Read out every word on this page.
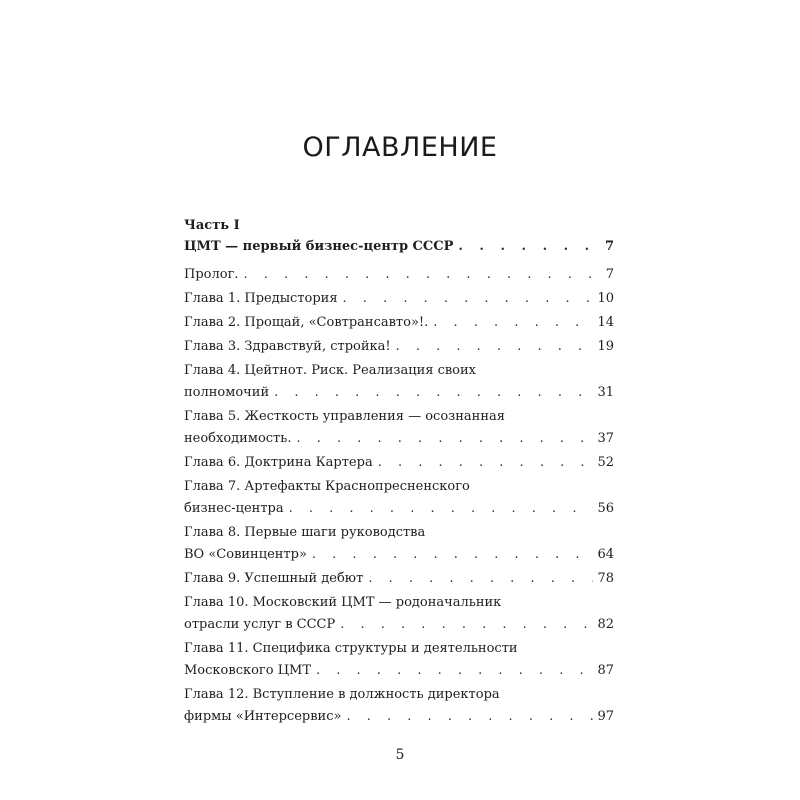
ОГЛАВЛЕНИЕ
Часть I
ЦМТ — первый бизнес-центр СССР . . .	7
Пролог. . . .	7
Глава 1. Предыстория . . .	10
Глава 2. Прощай, «Совтрансавто»!. . . .	14
Глава 3. Здравствуй, стройка! . . .	19
Глава 4. Цейтнот. Риск. Реализация своих
полномочий . . .	31
Глава 5. Жесткость управления — осознанная
необходимость. . . .	37
Глава 6. Доктрина Картера . . .	52
Глава 7. Артефакты Краснопресненского
бизнес-центра . . .	56
Глава 8. Первые шаги руководства
ВО «Совинцентр» . . .	64
Глава 9. Успешный дебют . . .	78
Глава 10. Московский ЦМТ — родоначальник
отрасли услуг в СССР . . .	82
Глава 11. Специфика структуры и деятельности
Московского ЦМТ . . .	87
Глава 12. Вступление в должность директора
фирмы «Интерсервис» . . .	97
5
